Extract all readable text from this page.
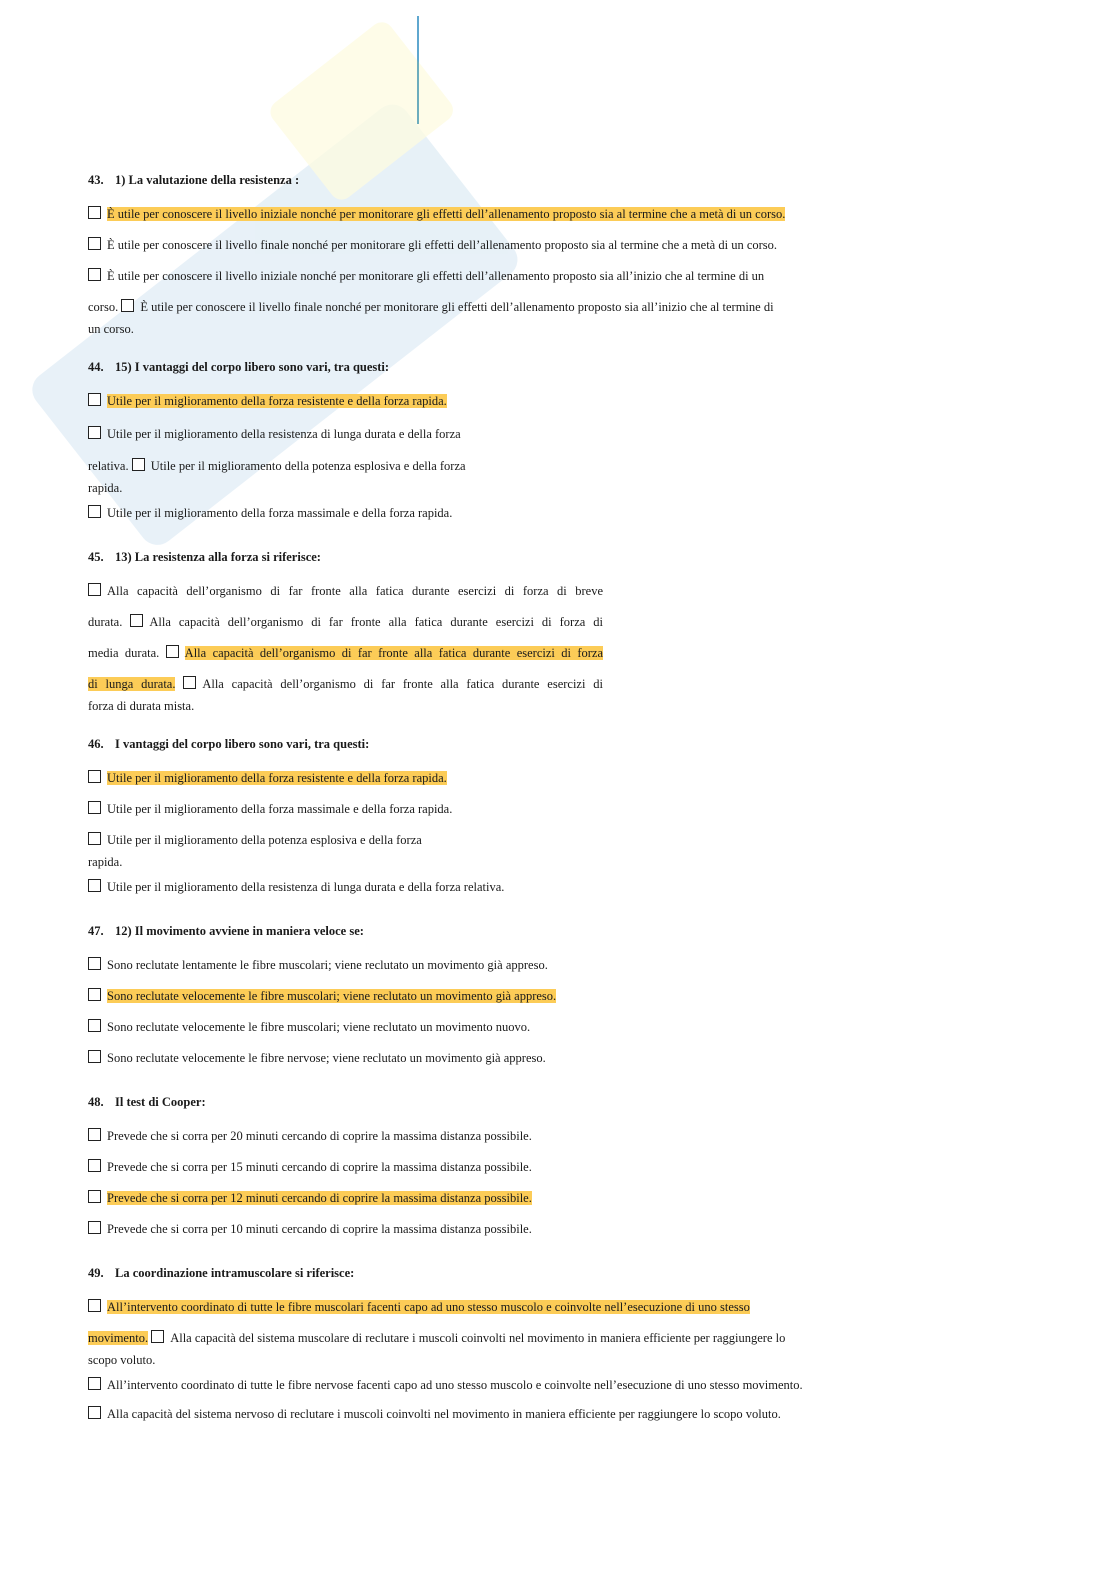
43. 1) La valutazione della resistenza :
È utile per conoscere il livello iniziale nonché per monitorare gli effetti dell’allenamento proposto sia al termine che a metà di un corso.
È utile per conoscere il livello finale nonché per monitorare gli effetti dell’allenamento proposto sia al termine che a metà di un corso.
È utile per conoscere il livello iniziale nonché per monitorare gli effetti dell’allenamento proposto sia all’inizio che al termine di un
corso. È utile per conoscere il livello finale nonché per monitorare gli effetti dell’allenamento proposto sia all’inizio che al termine di
un corso.
44. 15) I vantaggi del corpo libero sono vari, tra questi:
Utile per il miglioramento della forza resistente e della forza rapida.
Utile per il miglioramento della resistenza di lunga durata e della forza
relativa. Utile per il miglioramento della potenza esplosiva e della forza
rapida.
Utile per il miglioramento della forza massimale e della forza rapida.
45. 13) La resistenza alla forza si riferisce:
Alla capacità dell’organismo di far fronte alla fatica durante esercizi di forza di breve
durata. Alla capacità dell’organismo di far fronte alla fatica durante esercizi di forza di
media durata. Alla capacità dell’organismo di far fronte alla fatica durante esercizi di forza
di lunga durata. Alla capacità dell’organismo di far fronte alla fatica durante esercizi di
forza di durata mista.
46. I vantaggi del corpo libero sono vari, tra questi:
Utile per il miglioramento della forza resistente e della forza rapida.
Utile per il miglioramento della forza massimale e della forza rapida.
Utile per il miglioramento della potenza esplosiva e della forza
rapida.
Utile per il miglioramento della resistenza di lunga durata e della forza relativa.
47. 12) Il movimento avviene in maniera veloce se:
Sono reclutate lentamente le fibre muscolari; viene reclutato un movimento già appreso.
Sono reclutate velocemente le fibre muscolari; viene reclutato un movimento già appreso.
Sono reclutate velocemente le fibre muscolari; viene reclutato un movimento nuovo.
Sono reclutate velocemente le fibre nervose; viene reclutato un movimento già appreso.
48. Il test di Cooper:
Prevede che si corra per 20 minuti cercando di coprire la massima distanza possibile.
Prevede che si corra per 15 minuti cercando di coprire la massima distanza possibile.
Prevede che si corra per 12 minuti cercando di coprire la massima distanza possibile.
Prevede che si corra per 10 minuti cercando di coprire la massima distanza possibile.
49. La coordinazione intramuscolare si riferisce:
All’intervento coordinato di tutte le fibre muscolari facenti capo ad uno stesso muscolo e coinvolte nell’esecuzione di uno stesso
movimento. Alla capacità del sistema muscolare di reclutare i muscoli coinvolti nel movimento in maniera efficiente per raggiungere lo
scopo voluto.
All’intervento coordinato di tutte le fibre nervose facenti capo ad uno stesso muscolo e coinvolte nell’esecuzione di uno stesso movimento.
Alla capacità del sistema nervoso di reclutare i muscoli coinvolti nel movimento in maniera efficiente per raggiungere lo scopo voluto.
